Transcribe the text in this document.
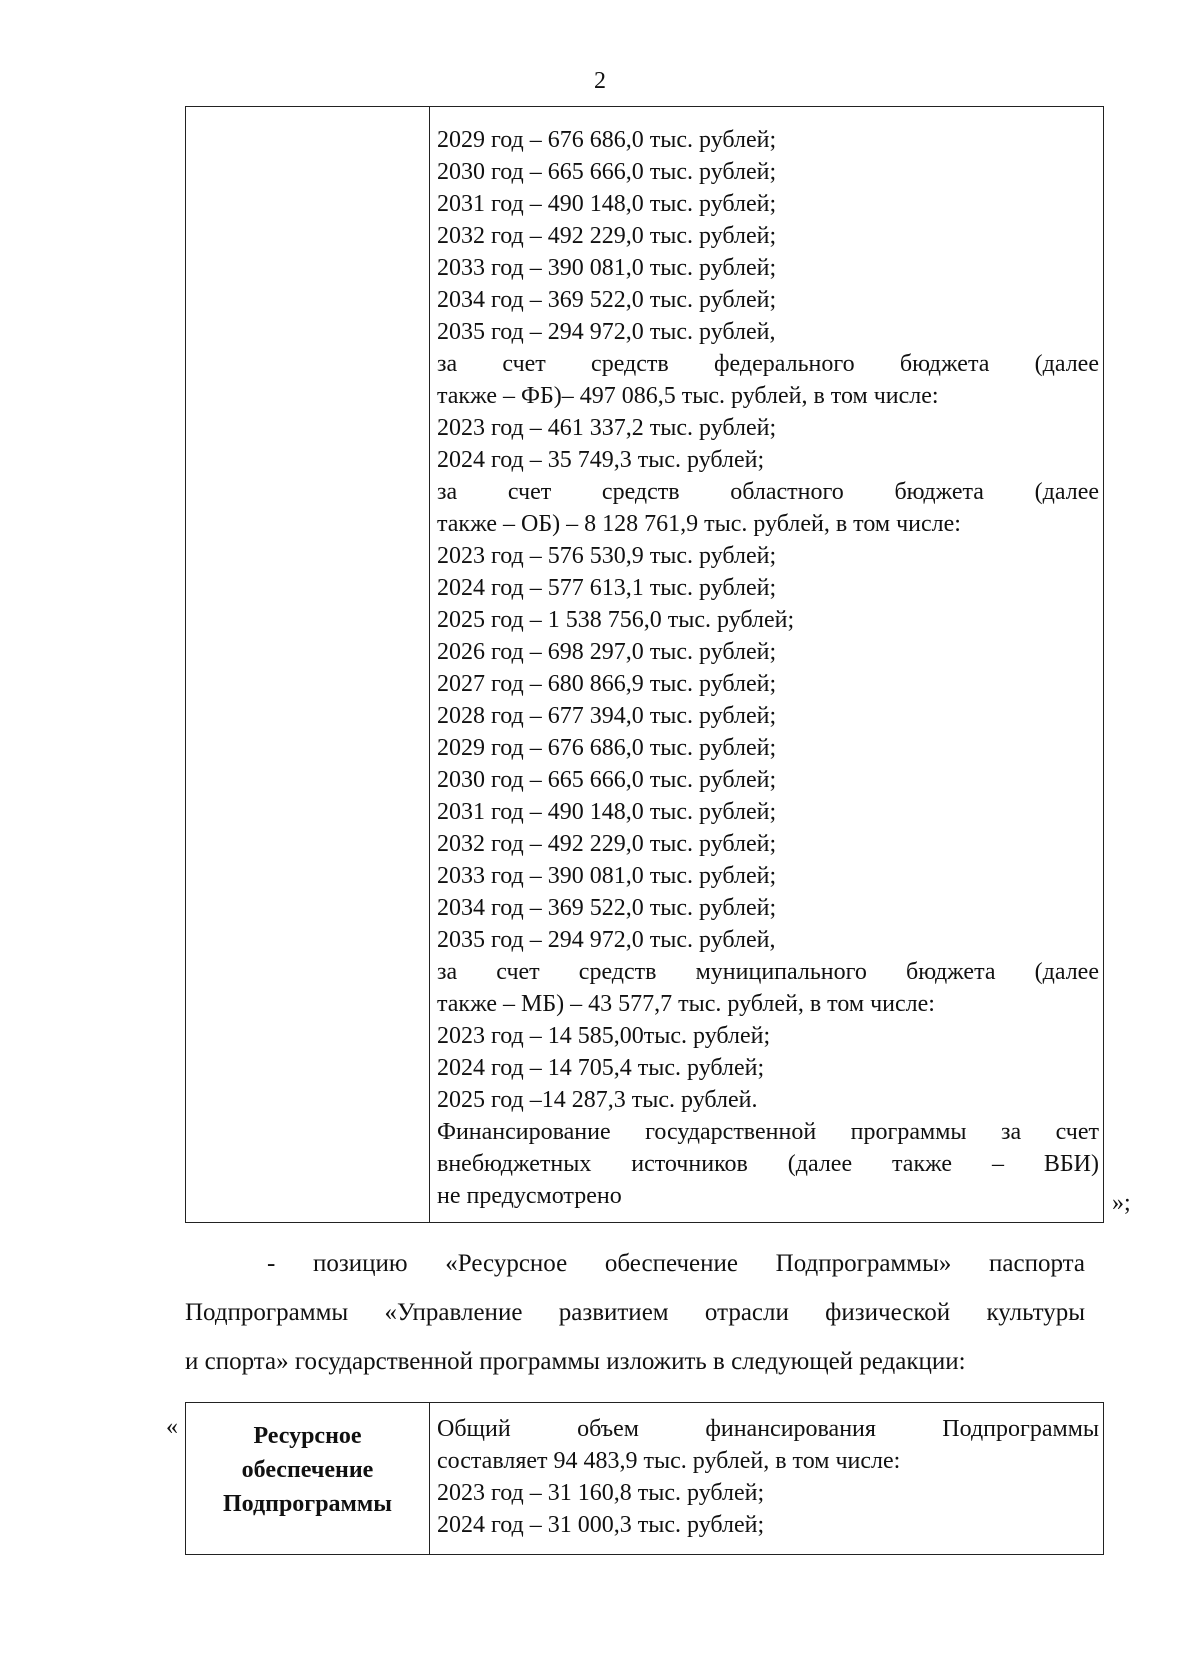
2
2029 год – 676 686,0 тыс. рублей;
2030 год – 665 666,0 тыс. рублей;
2031 год – 490 148,0 тыс. рублей;
2032 год – 492 229,0 тыс. рублей;
2033 год – 390 081,0 тыс. рублей;
2034 год – 369 522,0 тыс. рублей;
2035 год – 294 972,0 тыс. рублей,
за счет средств федерального бюджета (далее
также – ФБ)– 497 086,5 тыс. рублей, в том числе:
2023 год – 461 337,2 тыс. рублей;
2024 год – 35 749,3 тыс. рублей;
за счет средств областного бюджета (далее
также – ОБ) – 8 128 761,9 тыс. рублей, в том числе:
2023 год – 576 530,9 тыс. рублей;
2024 год – 577 613,1 тыс. рублей;
2025 год – 1 538 756,0 тыс. рублей;
2026 год – 698 297,0 тыс. рублей;
2027 год – 680 866,9 тыс. рублей;
2028 год – 677 394,0 тыс. рублей;
2029 год – 676 686,0 тыс. рублей;
2030 год – 665 666,0 тыс. рублей;
2031 год – 490 148,0 тыс. рублей;
2032 год – 492 229,0 тыс. рублей;
2033 год – 390 081,0 тыс. рублей;
2034 год – 369 522,0 тыс. рублей;
2035 год – 294 972,0 тыс. рублей,
за счет средств муниципального бюджета (далее
также – МБ) – 43 577,7 тыс. рублей, в том числе:
2023 год – 14 585,00тыс. рублей;
2024 год – 14 705,4 тыс. рублей;
2025 год –14 287,3 тыс. рублей.
Финансирование государственной программы за счет
внебюджетных источников (далее также – ВБИ)
не предусмотрено	»;
- позицию «Ресурсное обеспечение Подпрограммы» паспорта
Подпрограммы «Управление развитием отрасли физической культуры
и спорта» государственной программы изложить в следующей редакции:
«	Ресурсное
обеспечение
Подпрограммы
Общий объем финансирования Подпрограммы
составляет 94 483,9 тыс. рублей, в том числе:
2023 год – 31 160,8 тыс. рублей;
2024 год – 31 000,3 тыс. рублей;
